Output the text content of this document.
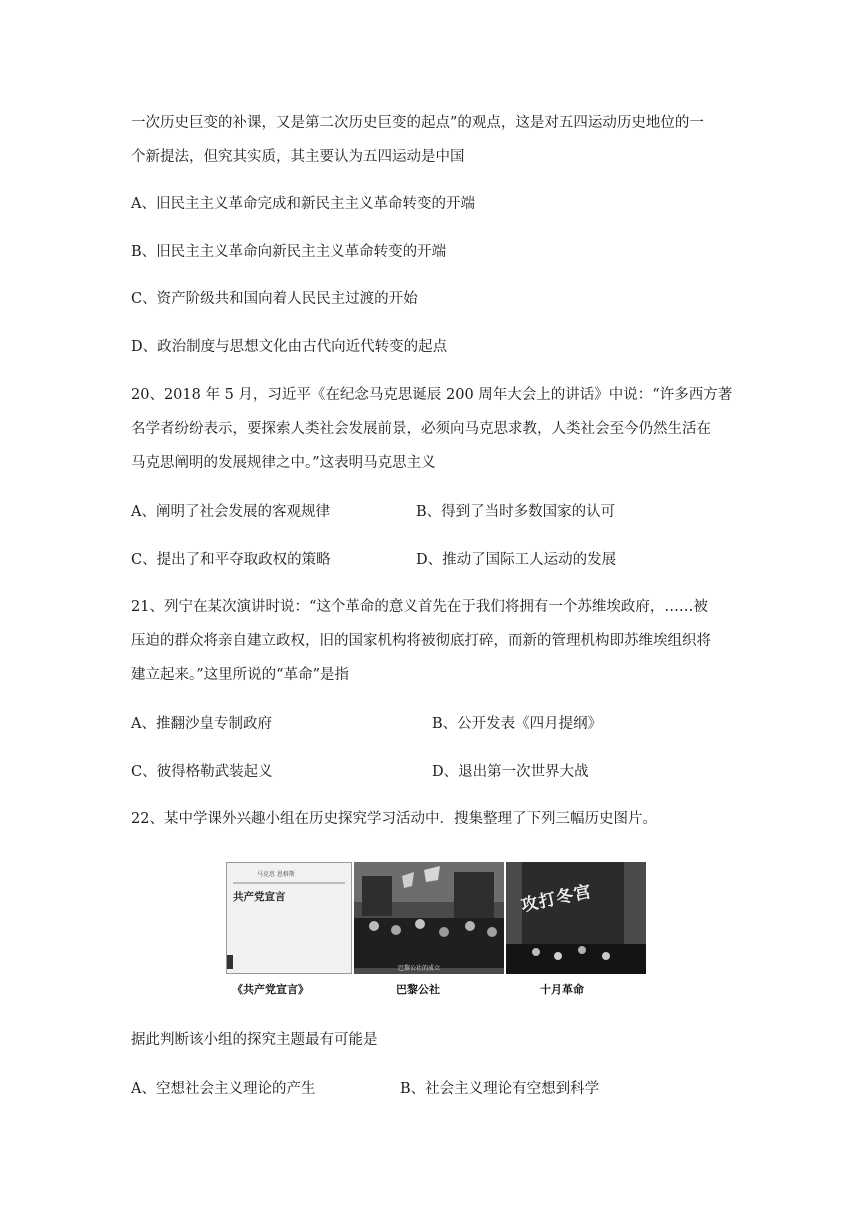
一次历史巨变的补课，又是第二次历史巨变的起点”的观点，这是对五四运动历史地位的一
个新提法，但究其实质，其主要认为五四运动是中国
A、旧民主主义革命完成和新民主主义革命转变的开端
B、旧民主主义革命向新民主主义革命转变的开端
C、资产阶级共和国向着人民民主过渡的开始
D、政治制度与思想文化由古代向近代转变的起点
20、2018 年 5 月，习近平《在纪念马克思诞辰 200 周年大会上的讲话》中说：“许多西方著
名学者纷纷表示，要探索人类社会发展前景，必须向马克思求教，人类社会至今仍然生活在
马克思阐明的发展规律之中。”这表明马克思主义
A、阐明了社会发展的客观规律	B、得到了当时多数国家的认可
C、提出了和平夺取政权的策略	D、推动了国际工人运动的发展
21、列宁在某次演讲时说：“这个革命的意义首先在于我们将拥有一个苏维埃政府，……被
压迫的群众将亲自建立政权，旧的国家机构将被彻底打碎，而新的管理机构即苏维埃组织将
建立起来。”这里所说的“革命”是指
A、推翻沙皇专制政府	B、公开发表《四月提纲》
C、彼得格勒武装起义	D、退出第一次世界大战
22、某中学课外兴趣小组在历史探究学习活动中．搜集整理了下列三幅历史图片。
马克思 恩格斯
共产党宣言
巴黎公社的成立
攻打冬宫
《共产党宣言》	巴黎公社	十月革命
据此判断该小组的探究主题最有可能是
A、空想社会主义理论的产生	B、社会主义理论有空想到科学
